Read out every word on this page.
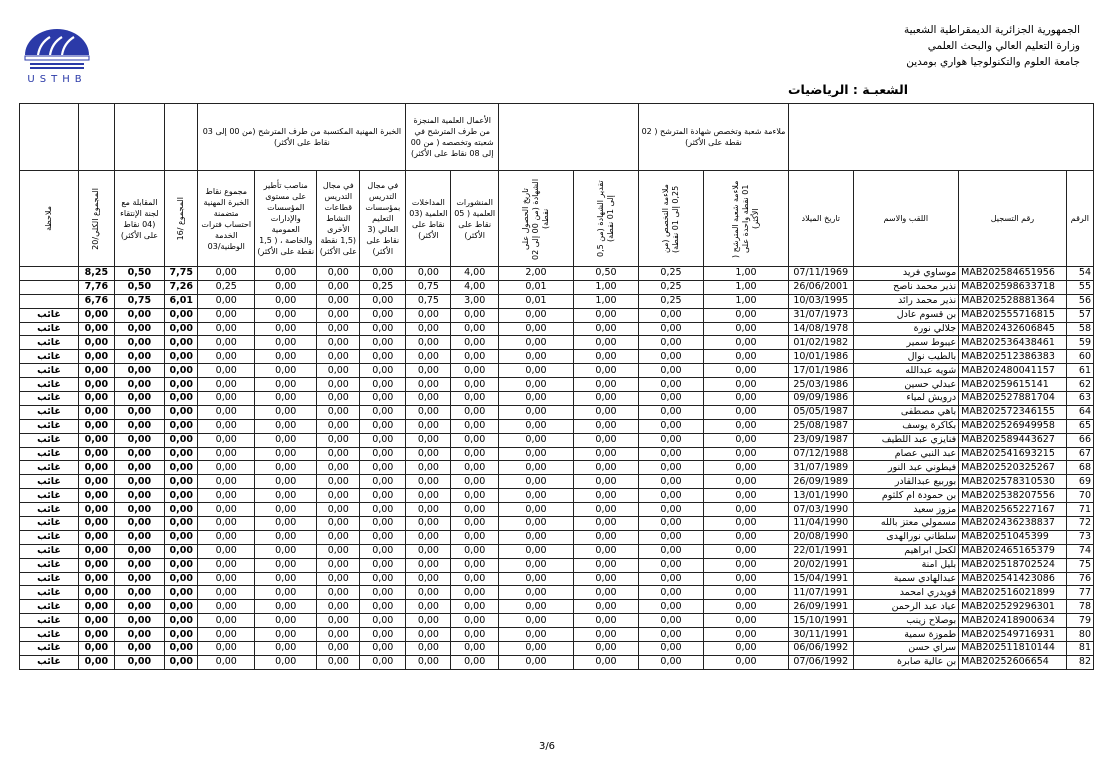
USTHB
الجمهورية الجزائرية الديمقراطية الشعبية
وزارة التعليم العالي والبحث العلمي
جامعة العلوم والتكنولوجيا هواري بومدين
الشعبـة : الرياضيات
				الخبرة المهنية المكتسبة من طرف المترشح (من 00 إلى 03 نقاط على الأكثر)				الأعمال العلمية المنجزة من طرف المترشح في شعبته وتخصصه ( من 00 إلى 08 نقاط على الأكثر)				ملاءمة شعبة وتخصص شهادة المترشح ( 02 نقطة على الأكثر)					

ملاحظة	المجموع الكلي/20	المقابلة مع لجنة الإنتقاء (04 نقاط على الأكثر)	المجموع /16	مجموع نقاط الخبرة المهنية متضمنة احتساب فترات الخدمة الوطنية/03	مناصب تأطير على مستوى المؤسسات والإدارات العمومية والخاصة ، ( 1,5 نقطة على الأكثر)	في مجال التدريس قطاعات النشاط الأخرى (1,5 نقطة على الأكثر)	في مجال التدريس بمؤسسات التعليم العالي (3 نقاط على الأكثر)	المداخلات العلمية (03 نقاط على الأكثر)	المنشورات العلمية ( 05 نقاط على الأكثر)	تاريخ الحصول على الشهادة (من 00 إلى 02 نقطة)	تقدير الشهادة (من 0,5 إلى 01 نقطة)	ملاءمة التخصص (من 0,25 إلى 01 نقطة)	ملاءمة شعبة المترشح ( 01 نقطة واحدة على الأكثر)	تاريخ الميلاد	اللقب والاسم	رقم التسجيل	الرقم
	8,25	0,50	7,75	0,00	0,00	0,00	0,00	0,00	4,00	2,00	0,50	0,25	1,00	07/11/1969	موساوي فريد	MAB202584651956	54
	7,76	0,50	7,26	0,25	0,00	0,00	0,25	0,75	4,00	0,01	1,00	0,25	1,00	26/06/2001	نذير محمد ناصح	MAB202598633718	55
	6,76	0,75	6,01	0,00	0,00	0,00	0,00	0,75	3,00	0,01	1,00	0,25	1,00	10/03/1995	نذير محمد رائد	MAB202528881364	56
غائب	0,00	0,00	0,00	0,00	0,00	0,00	0,00	0,00	0,00	0,00	0,00	0,00	0,00	31/07/1973	بن قسوم عادل	MAB202555716815	57
غائب	0,00	0,00	0,00	0,00	0,00	0,00	0,00	0,00	0,00	0,00	0,00	0,00	0,00	14/08/1978	جلالي نورة	MAB202432606845	58
غائب	0,00	0,00	0,00	0,00	0,00	0,00	0,00	0,00	0,00	0,00	0,00	0,00	0,00	01/02/1982	عيبوط سمير	MAB202536438461	59
غائب	0,00	0,00	0,00	0,00	0,00	0,00	0,00	0,00	0,00	0,00	0,00	0,00	0,00	10/01/1986	بالطيب نوال	MAB202512386383	60
غائب	0,00	0,00	0,00	0,00	0,00	0,00	0,00	0,00	0,00	0,00	0,00	0,00	0,00	17/01/1986	شويه عبدالله	MAB202480041157	61
غائب	0,00	0,00	0,00	0,00	0,00	0,00	0,00	0,00	0,00	0,00	0,00	0,00	0,00	25/03/1986	عبدلي حسين	MAB20259615141	62
غائب	0,00	0,00	0,00	0,00	0,00	0,00	0,00	0,00	0,00	0,00	0,00	0,00	0,00	09/09/1986	درويش لمياء	MAB202527881704	63
غائب	0,00	0,00	0,00	0,00	0,00	0,00	0,00	0,00	0,00	0,00	0,00	0,00	0,00	05/05/1987	باهي مصطفى	MAB202572346155	64
غائب	0,00	0,00	0,00	0,00	0,00	0,00	0,00	0,00	0,00	0,00	0,00	0,00	0,00	25/08/1987	بكاكرة يوسف	MAB202526949958	65
غائب	0,00	0,00	0,00	0,00	0,00	0,00	0,00	0,00	0,00	0,00	0,00	0,00	0,00	23/09/1987	فنايزي عبد اللطيف	MAB202589443627	66
غائب	0,00	0,00	0,00	0,00	0,00	0,00	0,00	0,00	0,00	0,00	0,00	0,00	0,00	07/12/1988	عبد النبي عصام	MAB202541693215	67
غائب	0,00	0,00	0,00	0,00	0,00	0,00	0,00	0,00	0,00	0,00	0,00	0,00	0,00	31/07/1989	فيطوني عبد النور	MAB202520325267	68
غائب	0,00	0,00	0,00	0,00	0,00	0,00	0,00	0,00	0,00	0,00	0,00	0,00	0,00	26/09/1989	بوربيع عبدالقادر	MAB202578310530	69
غائب	0,00	0,00	0,00	0,00	0,00	0,00	0,00	0,00	0,00	0,00	0,00	0,00	0,00	13/01/1990	بن حمودة ام كلثوم	MAB202538207556	70
غائب	0,00	0,00	0,00	0,00	0,00	0,00	0,00	0,00	0,00	0,00	0,00	0,00	0,00	07/03/1990	مزوز سعيد	MAB202565227167	71
غائب	0,00	0,00	0,00	0,00	0,00	0,00	0,00	0,00	0,00	0,00	0,00	0,00	0,00	11/04/1990	مسمولي معتز بالله	MAB202436238837	72
غائب	0,00	0,00	0,00	0,00	0,00	0,00	0,00	0,00	0,00	0,00	0,00	0,00	0,00	20/08/1990	سلطاني نورالهدى	MAB20251045399	73
غائب	0,00	0,00	0,00	0,00	0,00	0,00	0,00	0,00	0,00	0,00	0,00	0,00	0,00	22/01/1991	لكحل ابراهيم	MAB202465165379	74
غائب	0,00	0,00	0,00	0,00	0,00	0,00	0,00	0,00	0,00	0,00	0,00	0,00	0,00	20/02/1991	بليل آمنة	MAB202518702524	75
غائب	0,00	0,00	0,00	0,00	0,00	0,00	0,00	0,00	0,00	0,00	0,00	0,00	0,00	15/04/1991	عبدالهادي سمية	MAB202541423086	76
غائب	0,00	0,00	0,00	0,00	0,00	0,00	0,00	0,00	0,00	0,00	0,00	0,00	0,00	11/07/1991	قويدري امحمد	MAB202516021899	77
غائب	0,00	0,00	0,00	0,00	0,00	0,00	0,00	0,00	0,00	0,00	0,00	0,00	0,00	26/09/1991	عياد عبد الرحمن	MAB202529296301	78
غائب	0,00	0,00	0,00	0,00	0,00	0,00	0,00	0,00	0,00	0,00	0,00	0,00	0,00	15/10/1991	بوصلاح زينب	MAB202418900634	79
غائب	0,00	0,00	0,00	0,00	0,00	0,00	0,00	0,00	0,00	0,00	0,00	0,00	0,00	30/11/1991	طموزة سمية	MAB202549716931	80
غائب	0,00	0,00	0,00	0,00	0,00	0,00	0,00	0,00	0,00	0,00	0,00	0,00	0,00	06/06/1992	سراي حسن	MAB202511810144	81
غائب	0,00	0,00	0,00	0,00	0,00	0,00	0,00	0,00	0,00	0,00	0,00	0,00	0,00	07/06/1992	بن عالية صابرة	MAB20252606654	82
3/6
